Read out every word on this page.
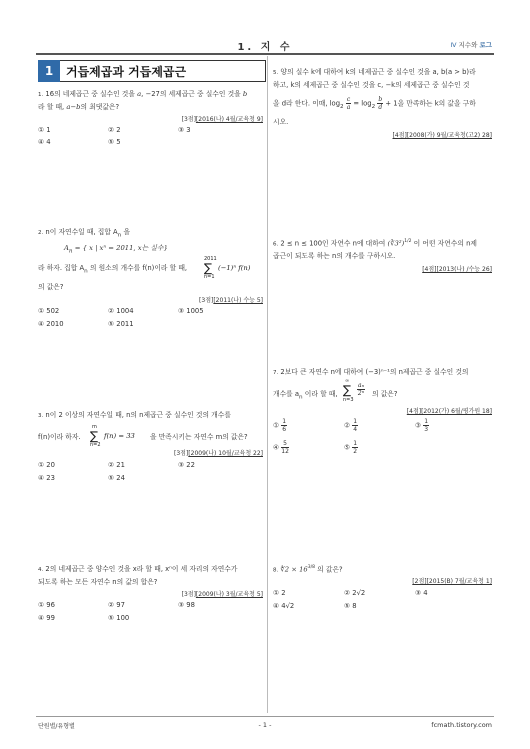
1. 지 수	Ⅳ 지수와 로그
1	거듭제곱과 거듭제곱근
1. 16의 네제곱근 중 실수인 것을 a, −27의 세제곱근 중 실수인 것을 b
라 할 때, a−b의 최댓값은?
[3점][2016(나) 4월/교육청 9]
① 1	② 2	③ 3
④ 4	⑤ 5
2. n이 자연수일 때, 집합 $A_n$ 을
$A_n$ = { x | xⁿ = 2011, x는 실수}
라 하자. 집합 $A_n$ 의 원소의 개수를 f(n)이라 할 때,
2011
∑
n=1
(−1)ⁿ f(n)
의 값은?
[3점][2011(나) 수능 5]
① 502	② 1004	③ 1005
④ 2010	⑤ 2011
3. n이 2 이상의 자연수일 때, n의 n제곱근 중 실수인 것의 개수를
f(n)이라 하자.
m
∑
n=2
f(n) = 33 을 만족시키는 자연수 m의 값은?
[3점][2009(나) 10월/교육청 22]
① 20	② 21	③ 22
④ 23	⑤ 24
4. 2의 네제곱근 중 양수인 것을 x라 할 때, xⁿ이 세 자리의 자연수가
되도록 하는 모든 자연수 n의 값의 합은?
[3점][2009(나) 3월/교육청 5]
① 96	② 97	③ 98
④ 99	⑤ 100
5. 양의 실수 k에 대하여 k의 네제곱근 중 실수인 것을 a, b(a > b)라
하고, k의 세제곱근 중 실수인 것을 c, −k의 세제곱근 중 실수인 것
을 d라 한다. 이때, $\log_2 \frac{c}{a} = \log_2 \frac{b}{d} + 1$을 만족하는 k의 값을 구하
시오.
[4점][2008(가) 9월/교육청(고2) 28]
6. 2 ≤ n ≤ 100인 자연수 n에 대하여 (∛3²)$^{1/2}$ 이 어떤 자연수의 n제
곱근이 되도록 하는 n의 개수를 구하시오.
[4점][2013(나) /수능 26]
7. 2보다 큰 자연수 n에 대하여 (−3)ⁿ⁻¹의 n제곱근 중 실수인 것의
개수를 $a_n$ 이라 할 때,
∞
∑
n=3
$\frac{\text{aₙ}}{\text{2ⁿ}}$ 의 값은?
[4점][2012(가) 6월/평가원 18]
① $\frac{1}{6}$	② $\frac{1}{4}$	③ $\frac{1}{3}$
④ $\frac{5}{12}$	⑤ $\frac{1}{2}$
8. ∜2 × $16^{3/8}$ 의 값은?
[2점][2015(B) 7월/교육청 1]
① 2	② 2√2	③ 4
④ 4√2	⑤ 8
단원별/유형별	- 1 -	fcmath.tistory.com
